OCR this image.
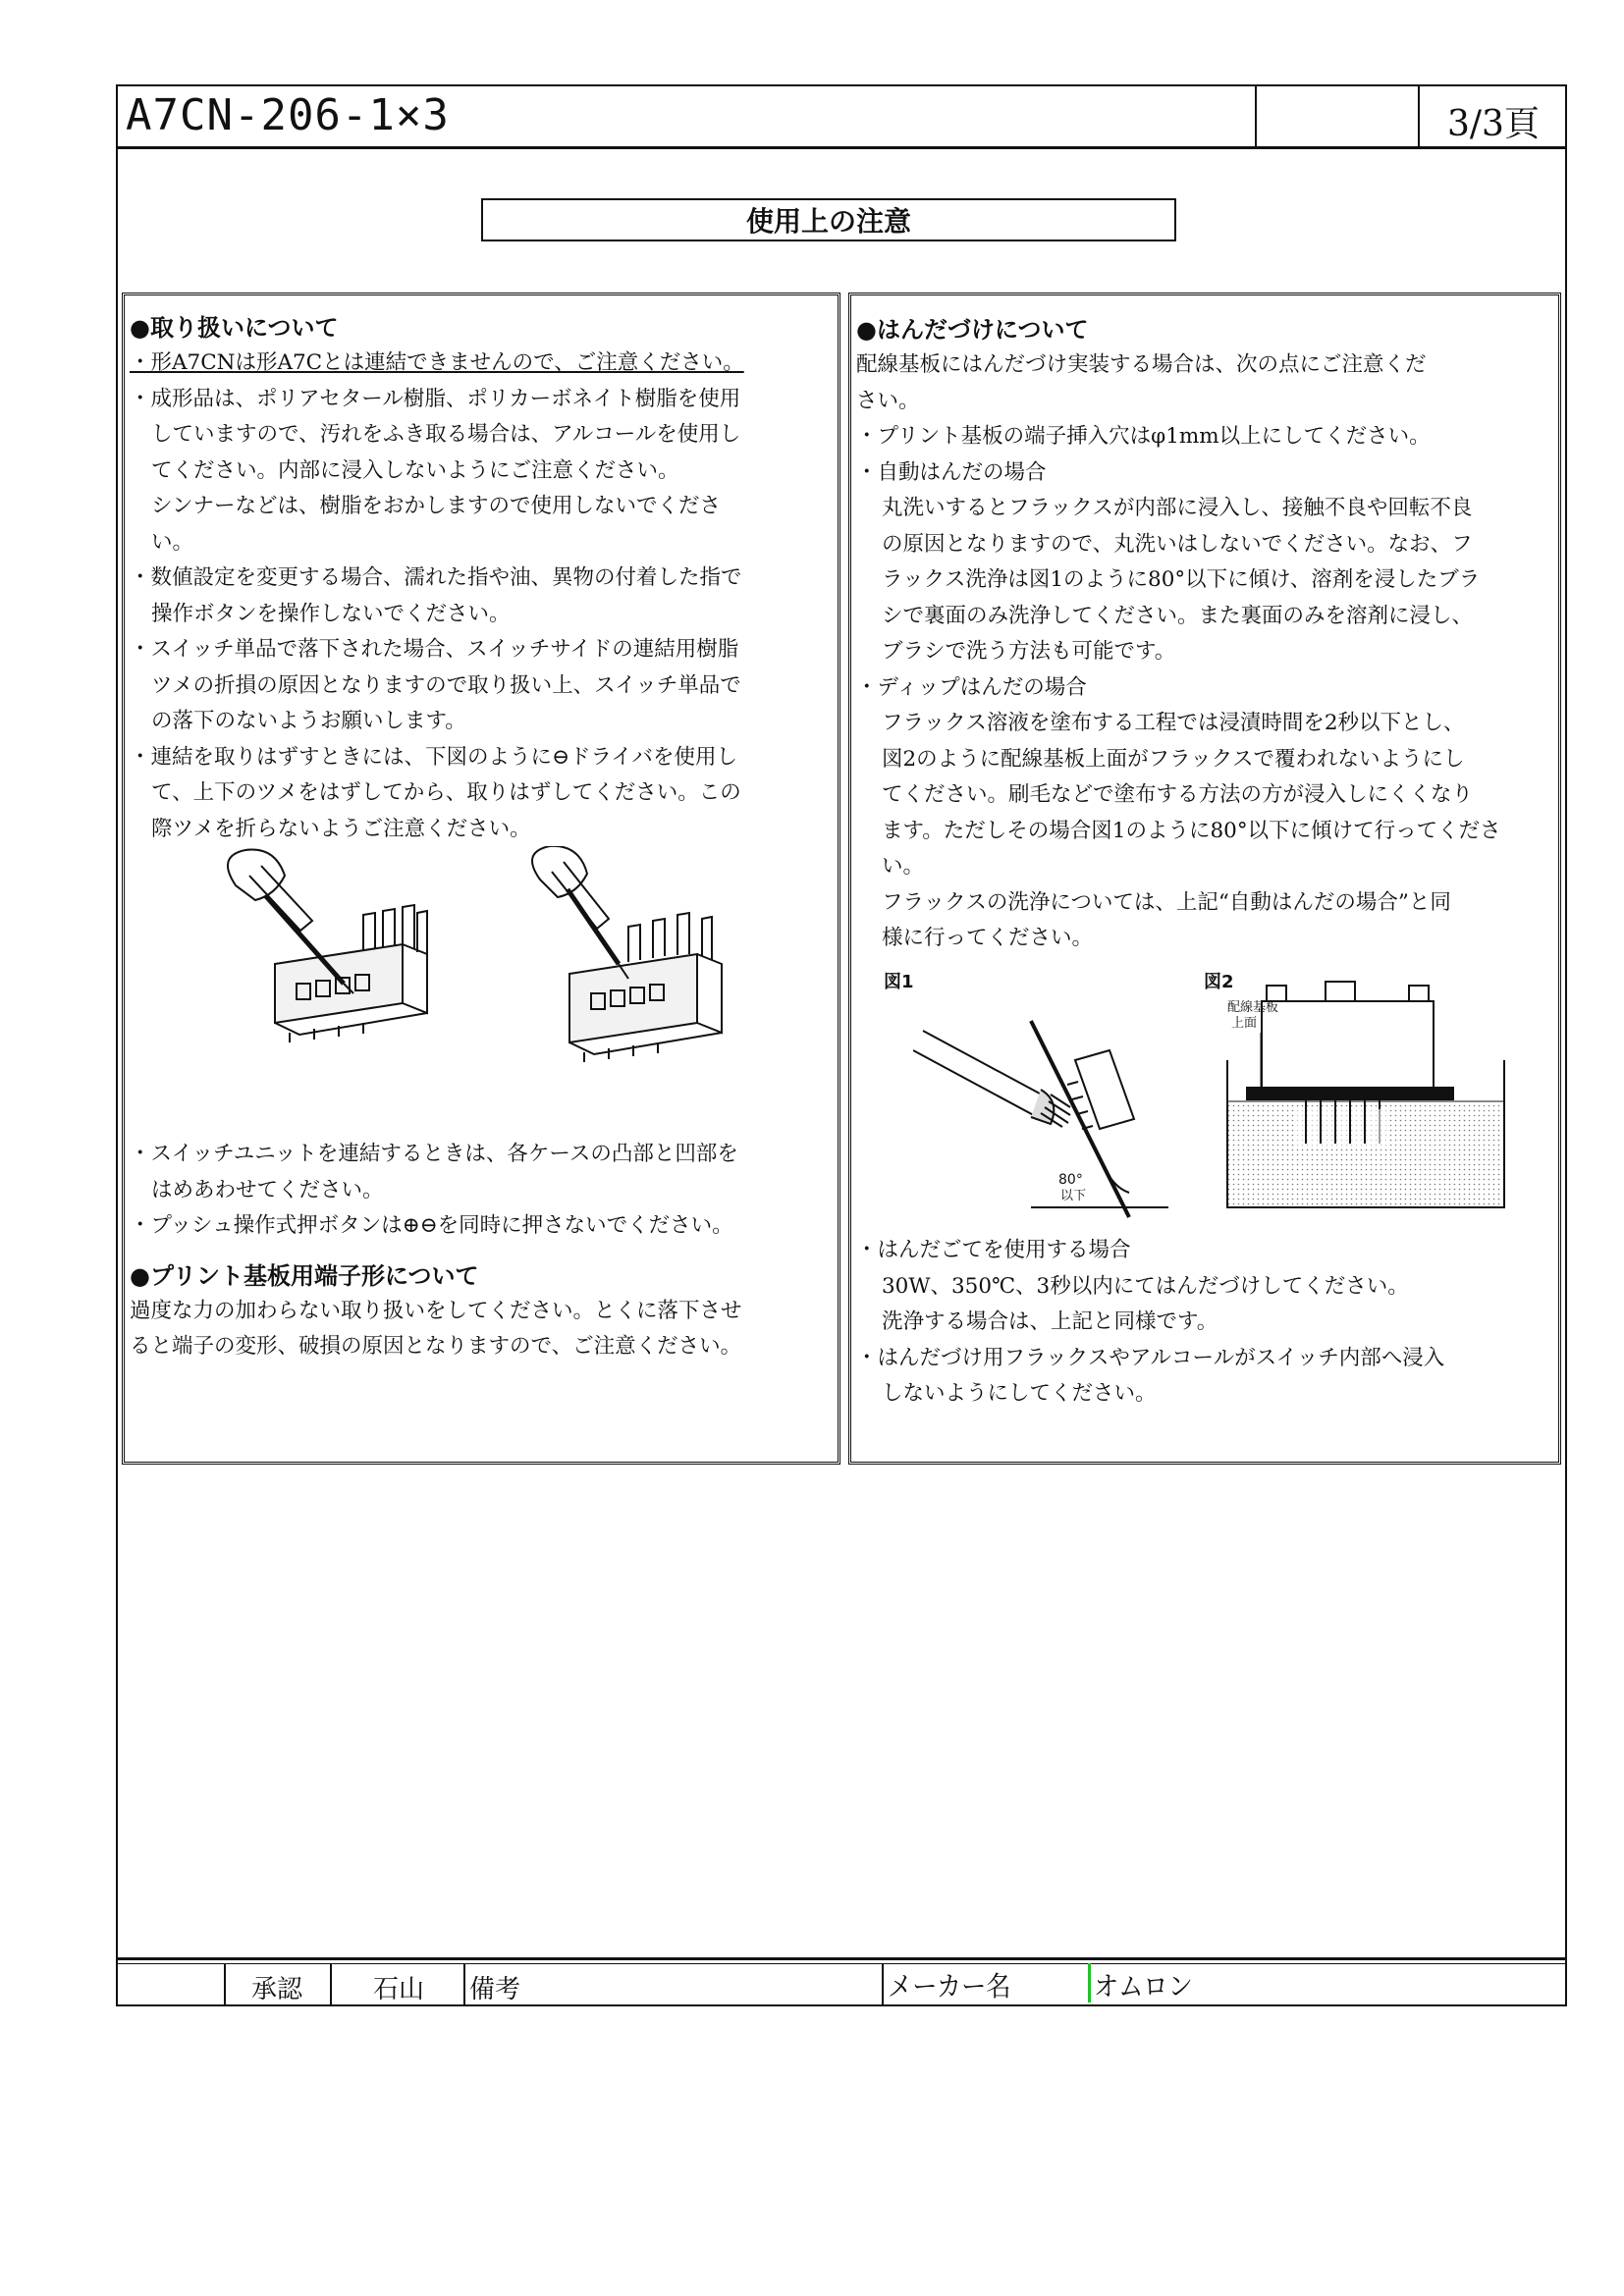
A7CN-206-1×3	3/3頁
使用上の注意
●取り扱いについて
・形A7CNは形A7Cとは連結できませんので、ご注意ください。
・成形品は、ポリアセタール樹脂、ポリカーボネイト樹脂を使用
していますので、汚れをふき取る場合は、アルコールを使用し
てください。内部に浸入しないようにご注意ください。
シンナーなどは、樹脂をおかしますので使用しないでくださ
い。
・数値設定を変更する場合、濡れた指や油、異物の付着した指で
操作ボタンを操作しないでください。
・スイッチ単品で落下された場合、スイッチサイドの連結用樹脂
ツメの折損の原因となりますので取り扱い上、スイッチ単品で
の落下のないようお願いします。
・連結を取りはずすときには、下図のように⊖ドライバを使用し
て、上下のツメをはずしてから、取りはずしてください。この
際ツメを折らないようご注意ください。
・スイッチユニットを連結するときは、各ケースの凸部と凹部を
はめあわせてください。
・プッシュ操作式押ボタンは⊕⊖を同時に押さないでください。
●プリント基板用端子形について
過度な力の加わらない取り扱いをしてください。とくに落下させ
ると端子の変形、破損の原因となりますので、ご注意ください。
●はんだづけについて
配線基板にはんだづけ実装する場合は、次の点にご注意くだ
さい。
・プリント基板の端子挿入穴はφ1mm以上にしてください。
・自動はんだの場合
丸洗いするとフラックスが内部に浸入し、接触不良や回転不良
の原因となりますので、丸洗いはしないでください。なお、フ
ラックス洗浄は図1のように80°以下に傾け、溶剤を浸したブラ
シで裏面のみ洗浄してください。また裏面のみを溶剤に浸し、
ブラシで洗う方法も可能です。
・ディップはんだの場合
フラックス溶液を塗布する工程では浸漬時間を2秒以下とし、
図2のように配線基板上面がフラックスで覆われないようにし
てください。刷毛などで塗布する方法の方が浸入しにくくなり
ます。ただしその場合図1のように80°以下に傾けて行ってくださ
い。
フラックスの洗浄については、上記“自動はんだの場合”と同
様に行ってください。
図1	図2
80°
以下
配線基板
上面
・はんだごてを使用する場合
30W、350℃、3秒以内にてはんだづけしてください。
洗浄する場合は、上記と同様です。
・はんだづけ用フラックスやアルコールがスイッチ内部へ浸入
しないようにしてください。
承認	石山 備考	メーカー名	オムロン
